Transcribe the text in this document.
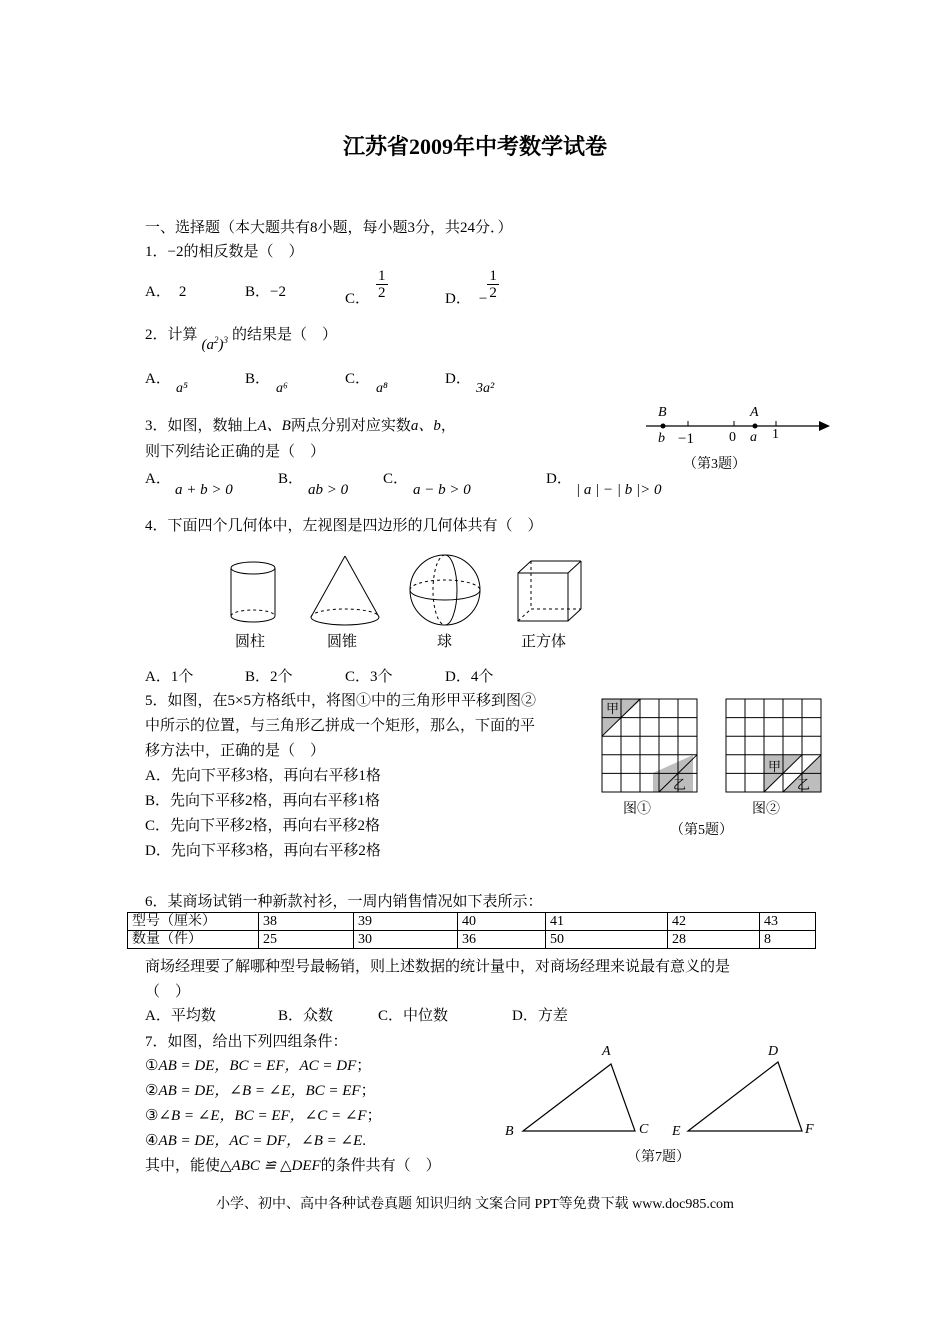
江苏省2009年中考数学试卷
一、选择题（本大题共有8小题，每小题3分，共24分．）
1．−2的相反数是（　）
A． 2	B．−2	C． $\frac{1}{2}$	D． − $\frac{1}{2}$
2．计算$(a^2)^3$ 的结果是（　）
A．
a⁵
B．
a⁶
C．
a⁸
D．
3a²
3．如图，数轴上A、B两点分别对应实数a、b，
则下列结论正确的是（　）
A．
a + b > 0
B．
ab > 0
C．
a − b > 0
D．
| a | − | b |> 0
B	A
b −1	0 a 1
（第3题）
4．下面四个几何体中，左视图是四边形的几何体共有（　）
圆柱	圆锥	球	正方体
A．1个	B．2个	C．3个	D．4个
5．如图，在5×5方格纸中，将图①中的三角形甲平移到图②
中所示的位置，与三角形乙拼成一个矩形，那么，下面的平
移方法中，正确的是（　）
A．先向下平移3格，再向右平移1格
B．先向下平移2格，再向右平移1格
C．先向下平移2格，再向右平移2格
D．先向下平移3格，再向右平移2格
甲
乙
甲
乙
图①	图②
（第5题）
6．某商场试销一种新款衬衫，一周内销售情况如下表所示：
型号（厘米）	38	39	40	41	42	43
数量（件）	25	30	36	50	28	8
商场经理要了解哪种型号最畅销，则上述数据的统计量中，对商场经理来说最有意义的是
（　）
A．平均数	B．众数	C．中位数	D．方差
7．如图，给出下列四组条件：
①AB = DE，BC = EF，AC = DF；
②AB = DE，∠B = ∠E，BC = EF；
③∠B = ∠E，BC = EF，∠C = ∠F；
④AB = DE，AC = DF，∠B = ∠E.
其中，能使△ABC ≌ △DEF的条件共有（　）
A
B	C
D
E	F
（第7题）
小学、初中、高中各种试卷真题 知识归纳 文案合同 PPT等免费下载 www.doc985.com
